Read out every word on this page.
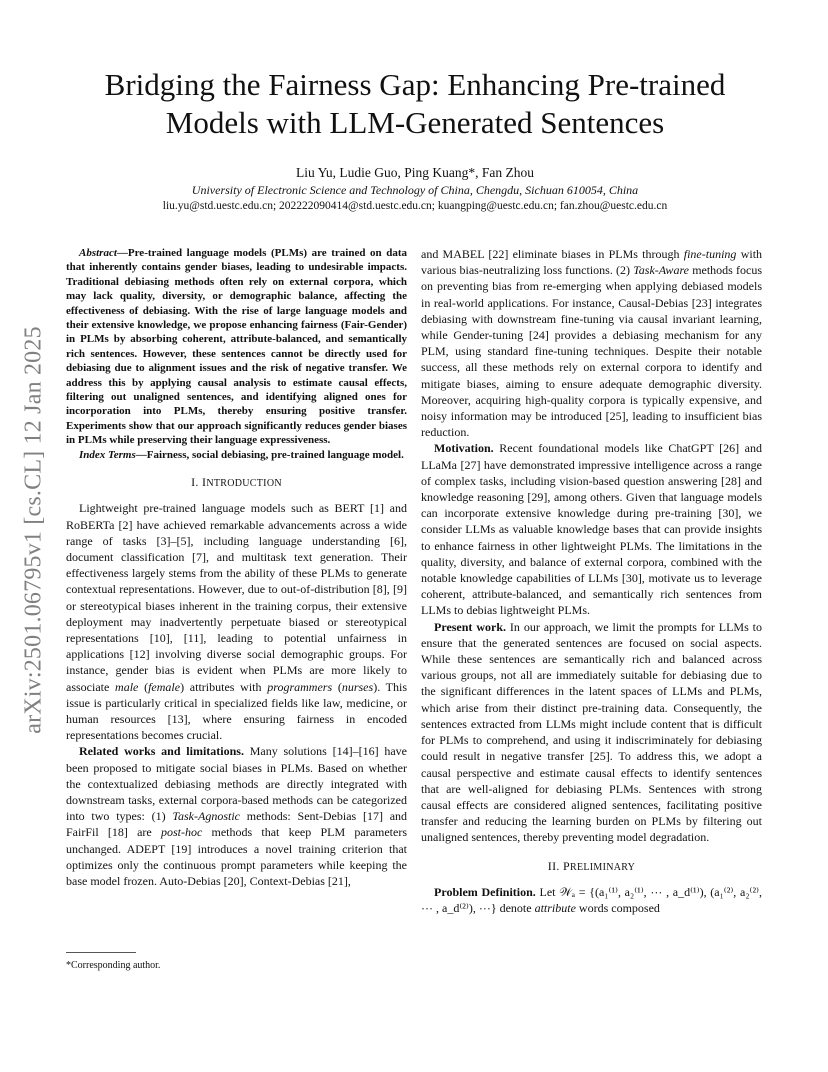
arXiv:2501.06795v1 [cs.CL] 12 Jan 2025
Bridging the Fairness Gap: Enhancing Pre-trained Models with LLM-Generated Sentences
Liu Yu, Ludie Guo, Ping Kuang*, Fan Zhou
University of Electronic Science and Technology of China, Chengdu, Sichuan 610054, China
liu.yu@std.uestc.edu.cn; 202222090414@std.uestc.edu.cn; kuangping@uestc.edu.cn; fan.zhou@uestc.edu.cn

Abstract—Pre-trained language models (PLMs) are trained on data that inherently contains gender biases, leading to undesirable impacts. Traditional debiasing methods often rely on external corpora, which may lack quality, diversity, or demographic balance, affecting the effectiveness of debiasing. With the rise of large language models and their extensive knowledge, we propose enhancing fairness (Fair-Gender) in PLMs by absorbing coherent, attribute-balanced, and semantically rich sentences. However, these sentences cannot be directly used for debiasing due to alignment issues and the risk of negative transfer. We address this by applying causal analysis to estimate causal effects, filtering out unaligned sentences, and identifying aligned ones for incorporation into PLMs, thereby ensuring positive transfer. Experiments show that our approach significantly reduces gender biases in PLMs while preserving their language expressiveness.

Index Terms—Fairness, social debiasing, pre-trained language model.

I. INTRODUCTION

Lightweight pre-trained language models such as BERT [1] and RoBERTa [2] have achieved remarkable advancements across a wide range of tasks [3]–[5], including language understanding [6], document classification [7], and multitask text generation. Their effectiveness largely stems from the ability of these PLMs to generate contextual representations. However, due to out-of-distribution [8], [9] or stereotypical biases inherent in the training corpus, their extensive deployment may inadvertently perpetuate biased or stereotypical representations [10], [11], leading to potential unfairness in applications [12] involving diverse social demographic groups. For instance, gender bias is evident when PLMs are more likely to associate male (female) attributes with programmers (nurses). This issue is particularly critical in specialized fields like law, medicine, or human resources [13], where ensuring fairness in encoded representations becomes crucial.

Related works and limitations. Many solutions [14]–[16] have been proposed to mitigate social biases in PLMs. Based on whether the contextualized debiasing methods are directly integrated with downstream tasks, external corpora-based methods can be categorized into two types: (1) Task-Agnostic methods: Sent-Debias [17] and FairFil [18] are post-hoc methods that keep PLM parameters unchanged. ADEPT [19] introduces a novel training criterion that optimizes only the continuous prompt parameters while keeping the base model frozen. Auto-Debias [20], Context-Debias [21],

*Corresponding author.

and MABEL [22] eliminate biases in PLMs through fine-tuning with various bias-neutralizing loss functions. (2) Task-Aware methods focus on preventing bias from re-emerging when applying debiased models in real-world applications. For instance, Causal-Debias [23] integrates debiasing with downstream fine-tuning via causal invariant learning, while Gender-tuning [24] provides a debiasing mechanism for any PLM, using standard fine-tuning techniques. Despite their notable success, all these methods rely on external corpora to identify and mitigate biases, aiming to ensure adequate demographic diversity. Moreover, acquiring high-quality corpora is typically expensive, and noisy information may be introduced [25], leading to insufficient bias reduction.

Motivation. Recent foundational models like ChatGPT [26] and LLaMa [27] have demonstrated impressive intelligence across a range of complex tasks, including vision-based question answering [28] and knowledge reasoning [29], among others. Given that language models can incorporate extensive knowledge during pre-training [30], we consider LLMs as valuable knowledge bases that can provide insights to enhance fairness in other lightweight PLMs. The limitations in the quality, diversity, and balance of external corpora, combined with the notable knowledge capabilities of LLMs [30], motivate us to leverage coherent, attribute-balanced, and semantically rich sentences from LLMs to debias lightweight PLMs.

Present work. In our approach, we limit the prompts for LLMs to ensure that the generated sentences are focused on social aspects. While these sentences are semantically rich and balanced across various groups, not all are immediately suitable for debiasing due to the significant differences in the latent spaces of LLMs and PLMs, which arise from their distinct pre-training data. Consequently, the sentences extracted from LLMs might include content that is difficult for PLMs to comprehend, and using it indiscriminately for debiasing could result in negative transfer [25]. To address this, we adopt a causal perspective and estimate causal effects to identify sentences that are well-aligned for debiasing PLMs. Sentences with strong causal effects are considered aligned sentences, facilitating positive transfer and reducing the learning burden on PLMs by filtering out unaligned sentences, thereby preventing model degradation.

II. PRELIMINARY

Problem Definition. Let 𝒲ₐ = {(a₁⁽¹⁾, a₂⁽¹⁾, ⋯ , a_d⁽¹⁾), (a₁⁽²⁾, a₂⁽²⁾, ⋯ , a_d⁽²⁾), ⋯} denote attribute words composed
